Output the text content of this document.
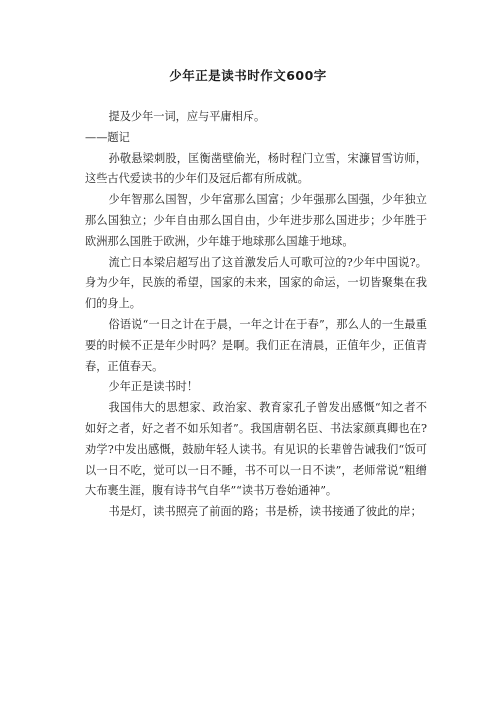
少年正是读书时作文600字

提及少年一词，应与平庸相斥。

——题记

孙敬悬梁刺股，匡衡凿壁偷光，杨时程门立雪，宋濂冒雪访师，这些古代爱读书的少年们及冠后都有所成就。

少年智那么国智，少年富那么国富；少年强那么国强，少年独立那么国独立；少年自由那么国自由，少年进步那么国进步；少年胜于欧洲那么国胜于欧洲，少年雄于地球那么国雄于地球。

流亡日本梁启超写出了这首激发后人可歌可泣的?少年中国说?。身为少年，民族的希望，国家的未来，国家的命运，一切皆聚集在我们的身上。

俗语说“一日之计在于晨，一年之计在于春”，那么人的一生最重要的时候不正是年少时吗？是啊。我们正在清晨，正值年少，正值青春，正值春天。

少年正是读书时！

我国伟大的思想家、政治家、教育家孔子曾发出感慨“知之者不如好之者，好之者不如乐知者”。我国唐朝名臣、书法家颜真卿也在?劝学?中发出感慨，鼓励年轻人读书。有见识的长辈曾告诫我们“饭可以一日不吃，觉可以一日不睡，书不可以一日不读”，老师常说“粗缯大布裹生涯，腹有诗书气自华”“读书万卷始通神”。

书是灯，读书照亮了前面的路；书是桥，读书接通了彼此的岸；
